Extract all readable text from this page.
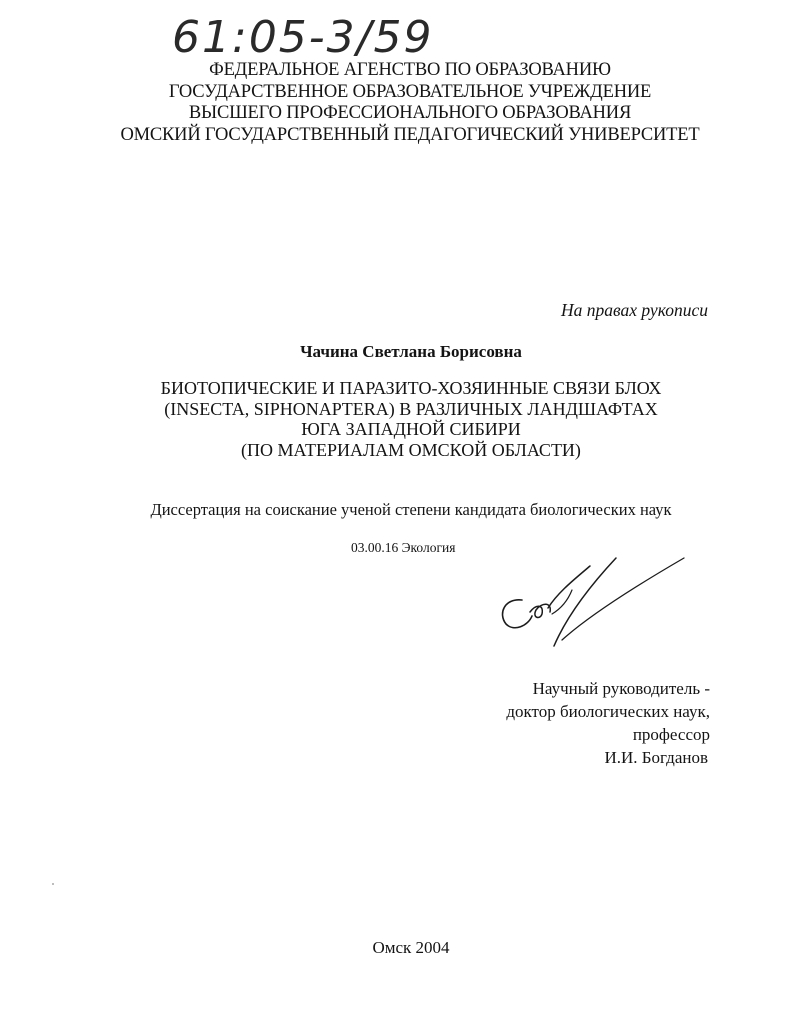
61:05-3/59
ФЕДЕРАЛЬНОЕ АГЕНСТВО ПО ОБРАЗОВАНИЮ
ГОСУДАРСТВЕННОЕ ОБРАЗОВАТЕЛЬНОЕ УЧРЕЖДЕНИЕ
ВЫСШЕГО ПРОФЕССИОНАЛЬНОГО ОБРАЗОВАНИЯ
ОМСКИЙ ГОСУДАРСТВЕННЫЙ ПЕДАГОГИЧЕСКИЙ УНИВЕРСИТЕТ
На правах рукописи
Чачина Светлана Борисовна
БИОТОПИЧЕСКИЕ И ПАРАЗИТО-ХОЗЯИННЫЕ СВЯЗИ БЛОХ
(INSECTA, SIPHONAPTERA) В РАЗЛИЧНЫХ ЛАНДШАФТАХ
ЮГА ЗАПАДНОЙ СИБИРИ
(ПО МАТЕРИАЛАМ ОМСКОЙ ОБЛАСТИ)
Диссертация на соискание ученой степени кандидата биологических наук
03.00.16 Экология
Научный руководитель -
доктор биологических наук,
профессор
И.И. Богданов
Омск 2004
